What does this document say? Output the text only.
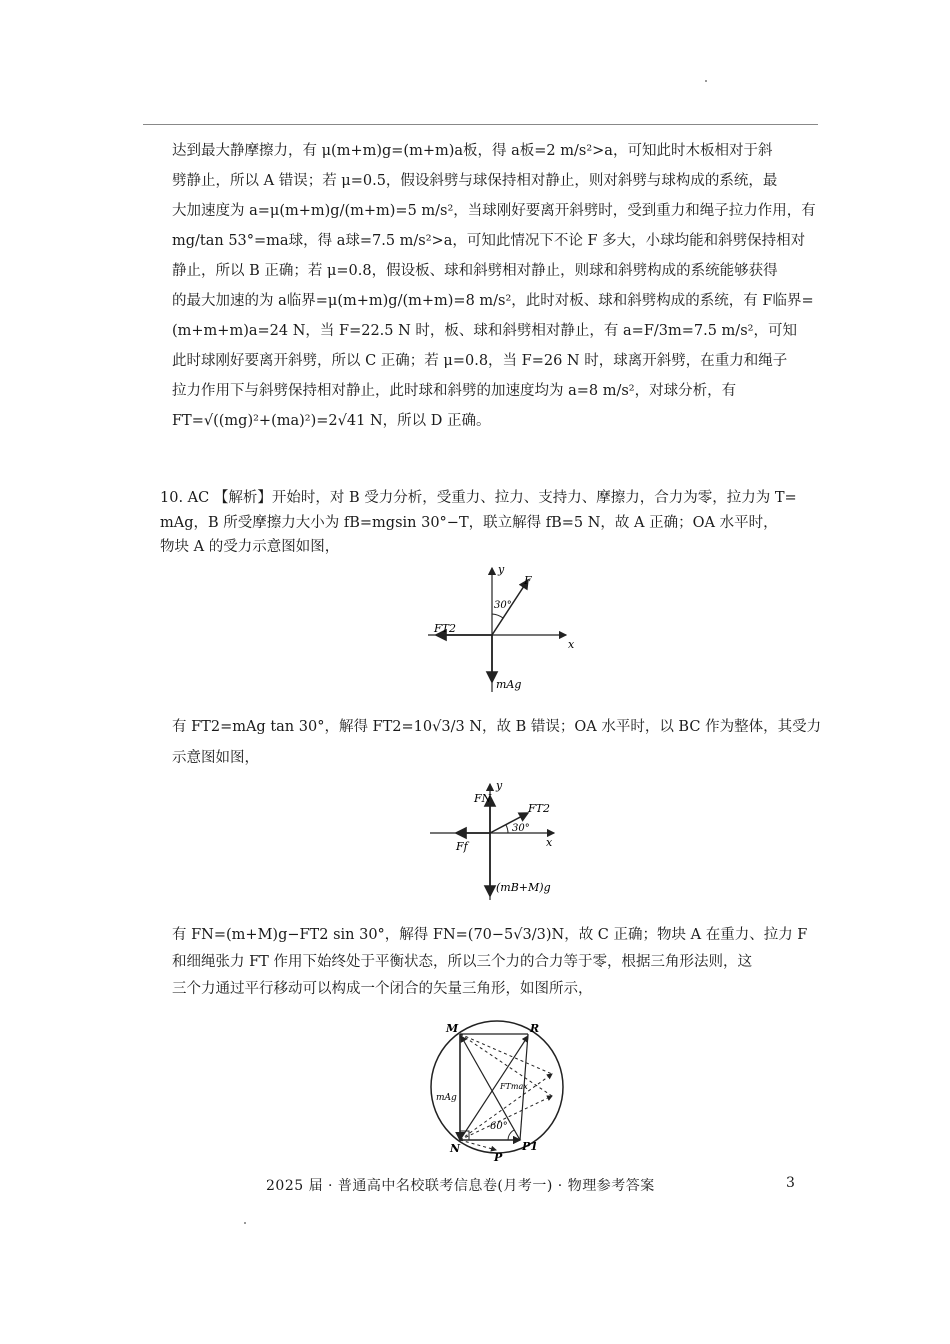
达到最大静摩擦力，有 μ(m+m)g=(m+m)a板，得 a板=2 m/s²>a，可知此时木板相对于斜
劈静止，所以 A 错误；若 μ=0.5，假设斜劈与球保持相对静止，则对斜劈与球构成的系统，最
大加速度为 a=μ(m+m)g/(m+m)=5 m/s²，当球刚好要离开斜劈时，受到重力和绳子拉力作用，有
mg/tan 53°=ma球，得 a球=7.5 m/s²>a，可知此情况下不论 F 多大，小球均能和斜劈保持相对
静止，所以 B 正确；若 μ=0.8，假设板、球和斜劈相对静止，则球和斜劈构成的系统能够获得
的最大加速的为 a临界=μ(m+m)g/(m+m)=8 m/s²，此时对板、球和斜劈构成的系统，有 F临界=
(m+m+m)a=24 N，当 F=22.5 N 时，板、球和斜劈相对静止，有 a=F/3m=7.5 m/s²，可知
此时球刚好要离开斜劈，所以 C 正确；若 μ=0.8，当 F=26 N 时，球离开斜劈，在重力和绳子
拉力作用下与斜劈保持相对静止，此时球和斜劈的加速度均为 a=8 m/s²，对球分析，有
FT=√((mg)²+(ma)²)=2√41 N，所以 D 正确。
10. AC 【解析】开始时，对 B 受力分析，受重力、拉力、支持力、摩擦力，合力为零，拉力为 T=
mAg，B 所受摩擦力大小为 fB=mgsin 30°−T，联立解得 fB=5 N，故 A 正确；OA 水平时，
物块 A 的受力示意图如图，
y
x
F
30°
FT2
mAg
有 FT2=mAg tan 30°，解得 FT2=10√3/3 N，故 B 错误；OA 水平时，以 BC 作为整体，其受力
示意图如图，
y
x
FN
FT2
30°
Ff
(mB+M)g
有 FN=(m+M)g−FT2 sin 30°，解得 FN=(70−5√3/3)N，故 C 正确；物块 A 在重力、拉力 F
和细绳张力 FT 作用下始终处于平衡状态，所以三个力的合力等于零，根据三角形法则，这
三个力通过平行移动可以构成一个闭合的矢量三角形，如图所示，
M	R
N
P
P1
mAg
FTmax
60°
2025 届 · 普通高中名校联考信息卷(月考一) · 物理参考答案	3
